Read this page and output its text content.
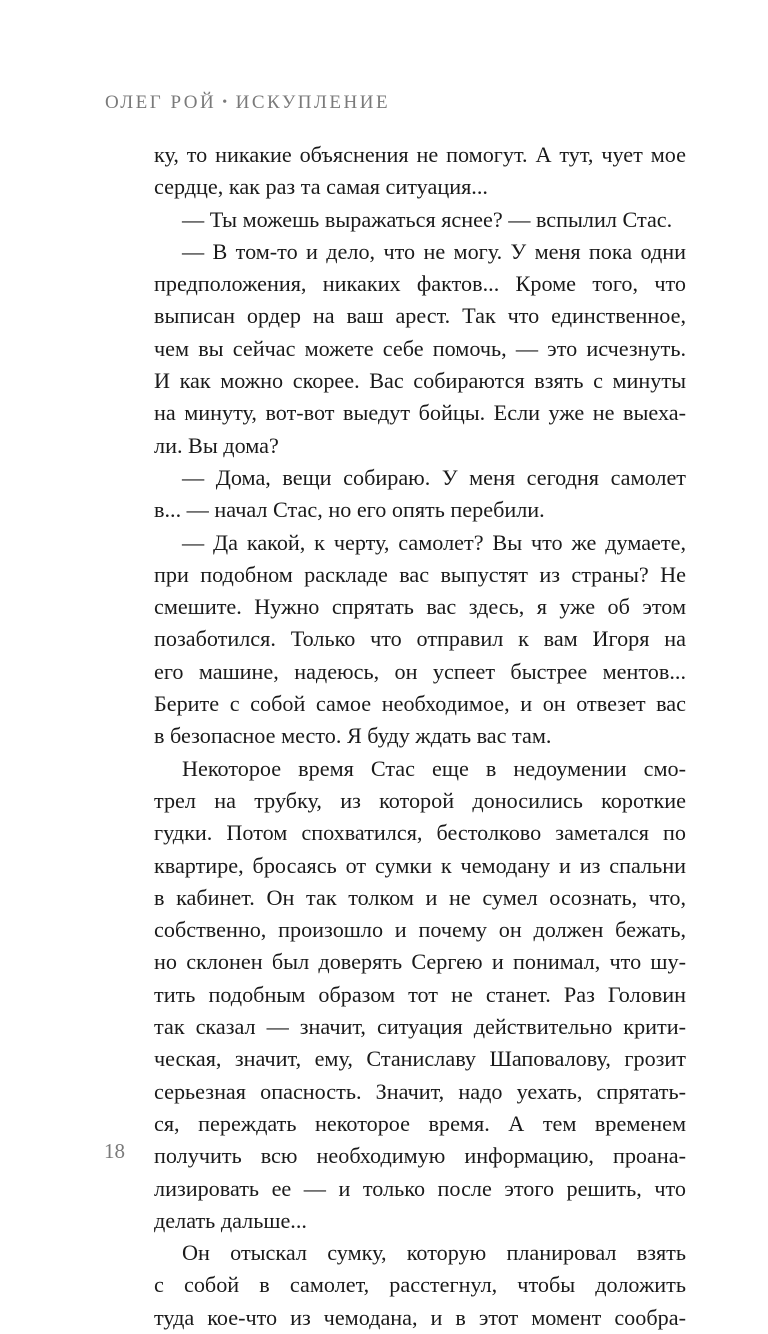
ОЛЕГ РОЙ • ИСКУПЛЕНИЕ
ку, то никакие объяснения не помогут. А тут, чует мое
сердце, как раз та самая ситуация...
— Ты можешь выражаться яснее? — вспылил Стас.
— В том-то и дело, что не могу. У меня пока одни
предположения, никаких фактов... Кроме того, что
выписан ордер на ваш арест. Так что единственное,
чем вы сейчас можете себе помочь, — это исчезнуть.
И как можно скорее. Вас собираются взять с минуты
на минуту, вот-вот выедут бойцы. Если уже не выеха-
ли. Вы дома?
— Дома, вещи собираю. У меня сегодня самолет
в... — начал Стас, но его опять перебили.
— Да какой, к черту, самолет? Вы что же думаете,
при подобном раскладе вас выпустят из страны? Не
смешите. Нужно спрятать вас здесь, я уже об этом
позаботился. Только что отправил к вам Игоря на
его машине, надеюсь, он успеет быстрее ментов...
Берите с собой самое необходимое, и он отвезет вас
в безопасное место. Я буду ждать вас там.
Некоторое время Стас еще в недоумении смо-
трел на трубку, из которой доносились короткие
гудки. Потом спохватился, бестолково заметался по
квартире, бросаясь от сумки к чемодану и из спальни
в кабинет. Он так толком и не сумел осознать, что,
собственно, произошло и почему он должен бежать,
но склонен был доверять Сергею и понимал, что шу-
тить подобным образом тот не станет. Раз Головин
так сказал — значит, ситуация действительно крити-
ческая, значит, ему, Станиславу Шаповалову, грозит
серьезная опасность. Значит, надо уехать, спрятать-
ся, переждать некоторое время. А тем временем
получить всю необходимую информацию, проана-
лизировать ее — и только после этого решить, что
делать дальше...
Он отыскал сумку, которую планировал взять
с собой в самолет, расстегнул, чтобы доложить
туда кое-что из чемодана, и в этот момент сообра-
18
